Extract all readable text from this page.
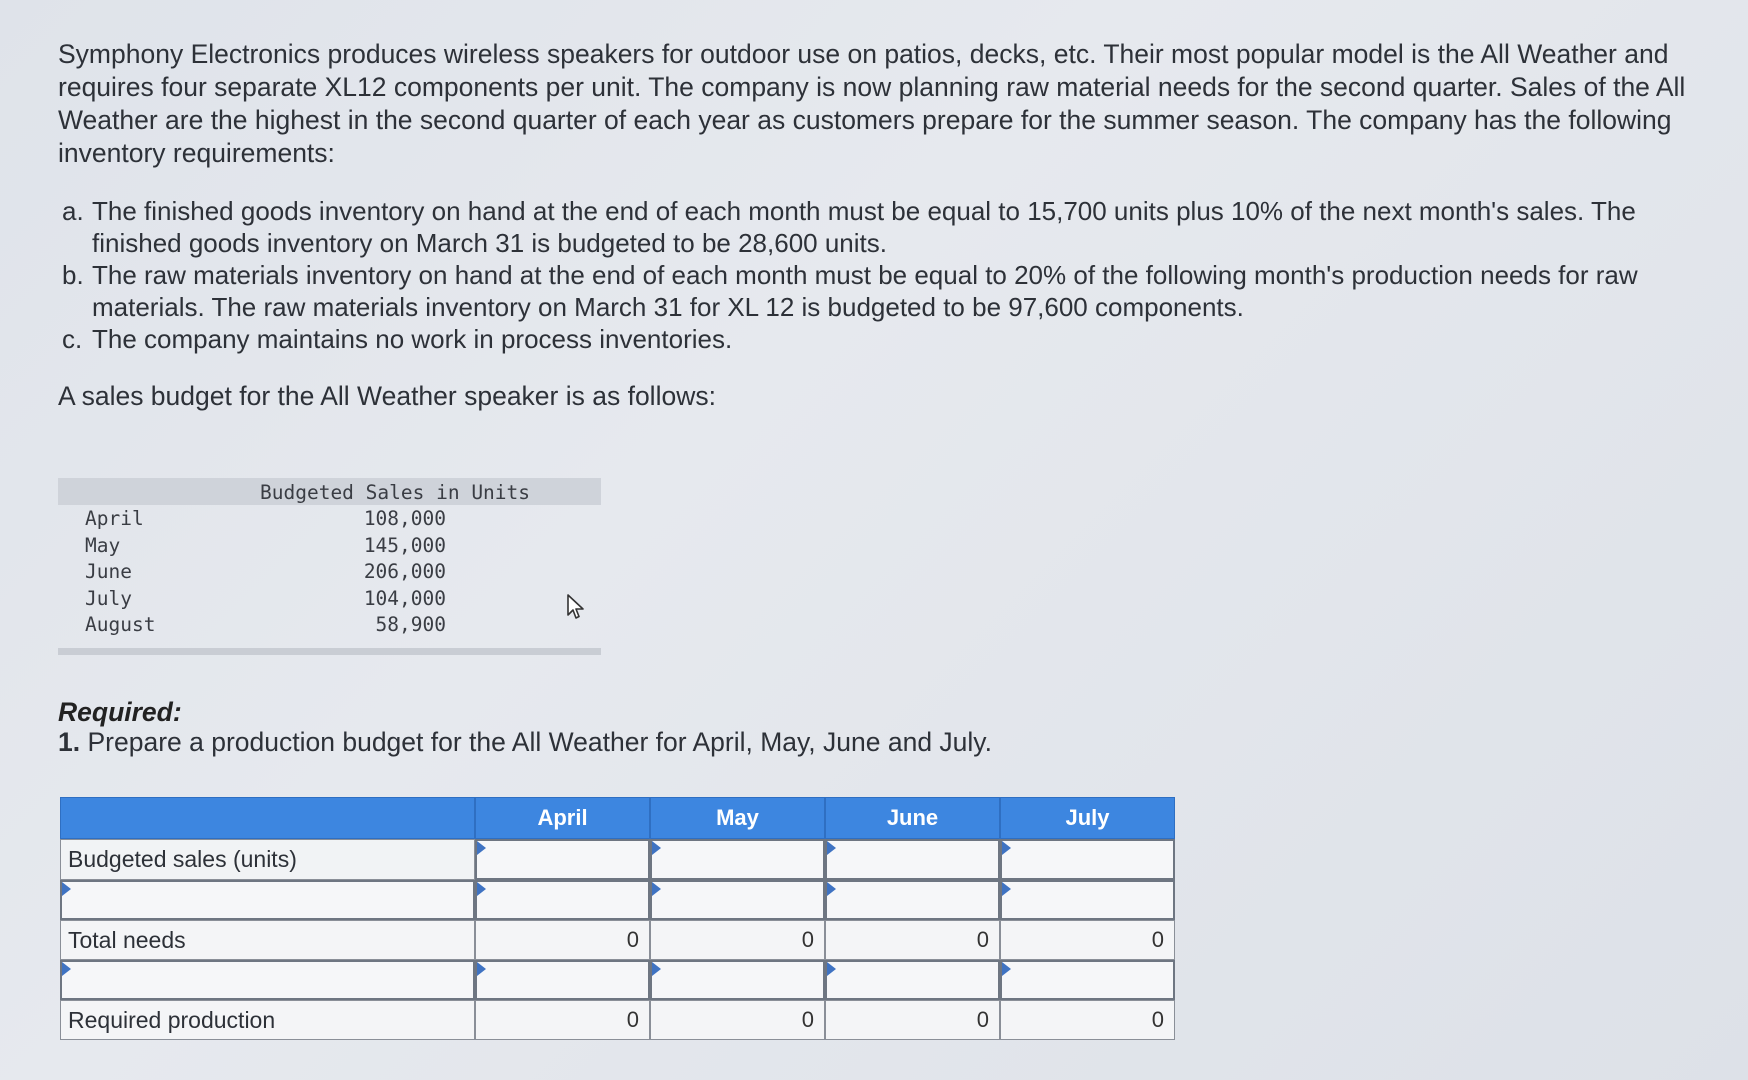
Symphony Electronics produces wireless speakers for outdoor use on patios, decks, etc. Their most popular model is the All Weather and requires four separate XL12 components per unit. The company is now planning raw material needs for the second quarter. Sales of the All Weather are the highest in the second quarter of each year as customers prepare for the summer season. The company has the following inventory requirements:
a. The finished goods inventory on hand at the end of each month must be equal to 15,700 units plus 10% of the next month's sales. The finished goods inventory on March 31 is budgeted to be 28,600 units.
b. The raw materials inventory on hand at the end of each month must be equal to 20% of the following month's production needs for raw materials. The raw materials inventory on March 31 for XL 12 is budgeted to be 97,600 components.
c. The company maintains no work in process inventories.
A sales budget for the All Weather speaker is as follows:
Budgeted Sales in Units
April	108,000
May	145,000
June	206,000
July	104,000
August	58,900
Required:
1. Prepare a production budget for the All Weather for April, May, June and July.
April	May	June	July
Budgeted sales (units)
Total needs	0	0	0	0
Required production	0	0	0	0
